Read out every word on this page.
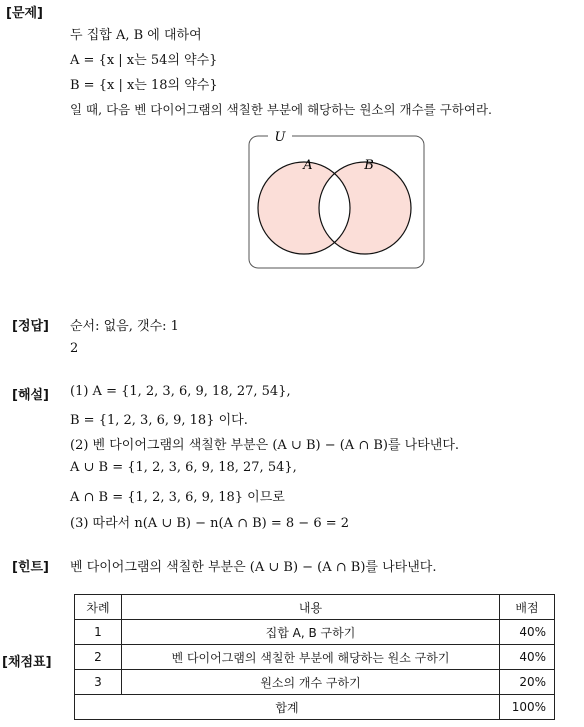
[문제]
두 집합 A, B 에 대하여
A = {x | x는 54의 약수}
B = {x | x는 18의 약수}
일 때, 다음 벤 다이어그램의 색칠한 부분에 해당하는 원소의 개수를 구하여라.
U
A	B
[정답] 순서: 없음, 갯수: 1
2
[해설] (1) A = {1, 2, 3, 6, 9, 18, 27, 54},
B = {1, 2, 3, 6, 9, 18} 이다.
(2) 벤 다이어그램의 색칠한 부분은 (A ∪ B) − (A ∩ B)를 나타낸다.
A ∪ B = {1, 2, 3, 6, 9, 18, 27, 54},
A ∩ B = {1, 2, 3, 6, 9, 18} 이므로
(3) 따라서 n(A ∪ B) − n(A ∩ B) = 8 − 6 = 2
[힌트] 벤 다이어그램의 색칠한 부분은 (A ∪ B) − (A ∩ B)를 나타낸다.
[채점표]
차례	내용	배점
1	집합 A, B 구하기	40%
2	벤 다이어그램의 색칠한 부분에 해당하는 원소 구하기	40%
3	원소의 개수 구하기	20%
합계		100%
